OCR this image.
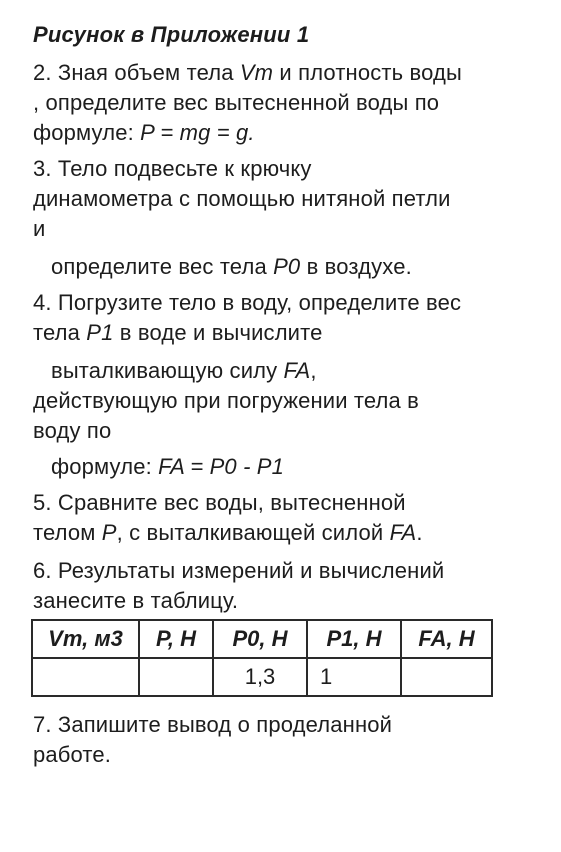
Рисунок в Приложении 1
2. Зная объем тела Vт и плотность воды
, определите вес вытесненной воды по
формуле: P = mg = g.
3. Тело подвесьте к крючку
динамометра с помощью нитяной петли
и
определите вес тела P0 в воздухе.
4. Погрузите тело в воду, определите вес
тела P1 в воде и вычислите
выталкивающую силу FA,
действующую при погружении тела в
воду по
формуле: FA = P0 - P1
5. Сравните вес воды, вытесненной
телом P, с выталкивающей силой FA.
6. Результаты измерений и вычислений
занесите в таблицу.
Vт, м3	P, Н	P0, Н	P1, Н	FA, Н
		1,3	1	
7. Запишите вывод о проделанной
работе.
